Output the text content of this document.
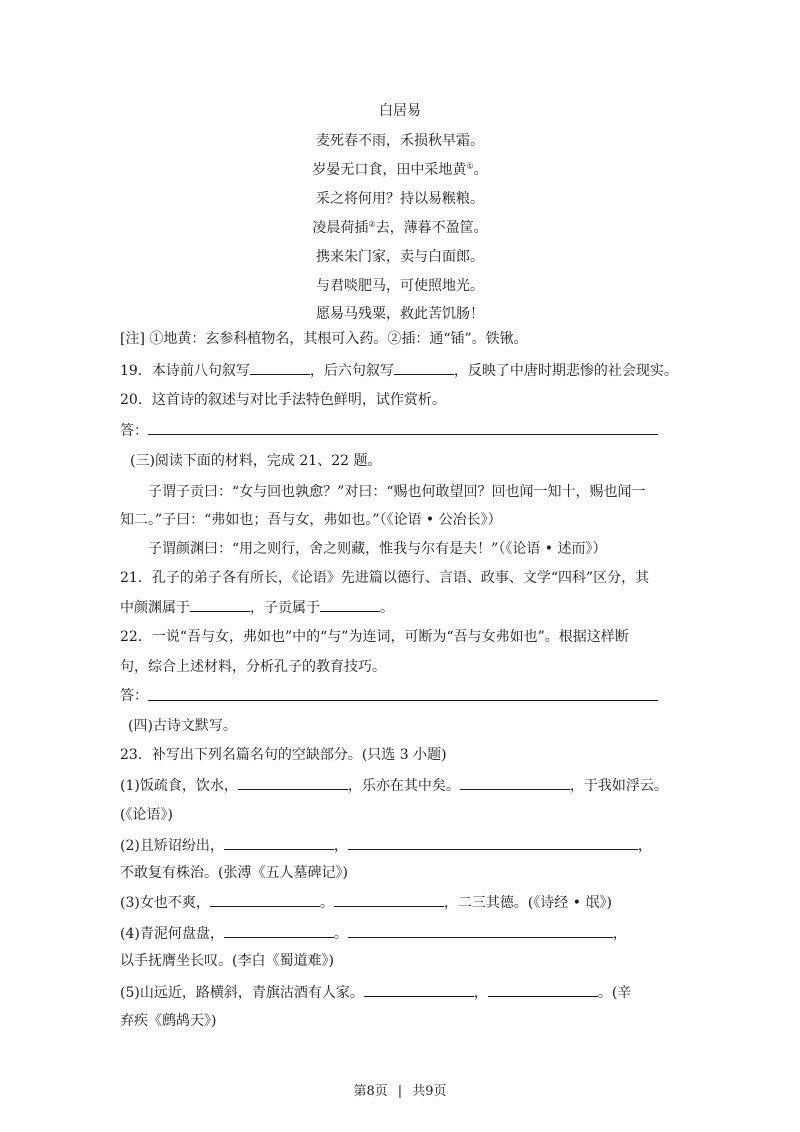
白居易
麦死春不雨，禾损秋早霜。
岁晏无口食，田中采地黄①。
采之将何用？持以易糇粮。
凌晨荷插②去，薄暮不盈筐。
携来朱门家，卖与白面郎。
与君啖肥马，可使照地光。
愿易马残粟，救此苦饥肠！
[注] ①地黄：玄参科植物名，其根可入药。②插：通“锸”。铁锹。
19．本诗前八句叙写	，后六句叙写	，反映了中唐时期悲惨的社会现实。
20．这首诗的叙述与对比手法特色鲜明，试作赏析。
答：
(三)阅读下面的材料，完成 21、22 题。
子谓子贡曰：“女与回也孰愈？”对曰：“赐也何敢望回？回也闻一知十，赐也闻一
知二。”子曰：“弗如也；吾与女，弗如也。”（《论语 • 公冶长》）
子谓颜渊曰：“用之则行，舍之则藏，惟我与尔有是夫！”（《论语 • 述而》）
21．孔子的弟子各有所长，《论语》先进篇以德行、言语、政事、文学“四科”区分，其
中颜渊属于	，子贡属于	。
22．一说“吾与女，弗如也”中的“与”为连词，可断为“吾与女弗如也”。根据这样断
句，综合上述材料，分析孔子的教育技巧。
答：
(四)古诗文默写。
23．补写出下列名篇名句的空缺部分。(只选 3 小题)
(1)饭疏食，饮水，	，乐亦在其中矣。	，于我如浮云。
(《论语》)
(2)且矫诏纷出，	，	，
不敢复有株治。(张溥《五人墓碑记》)
(3)女也不爽，	。	，二三其德。(《诗经 • 氓》)
(4)青泥何盘盘，	。	，
以手抚膺坐长叹。(李白《蜀道难》)
(5)山远近，路横斜，青旗沽酒有人家。	，	。(辛
弃疾《鹧鸪天》)
第8页 | 共9页
